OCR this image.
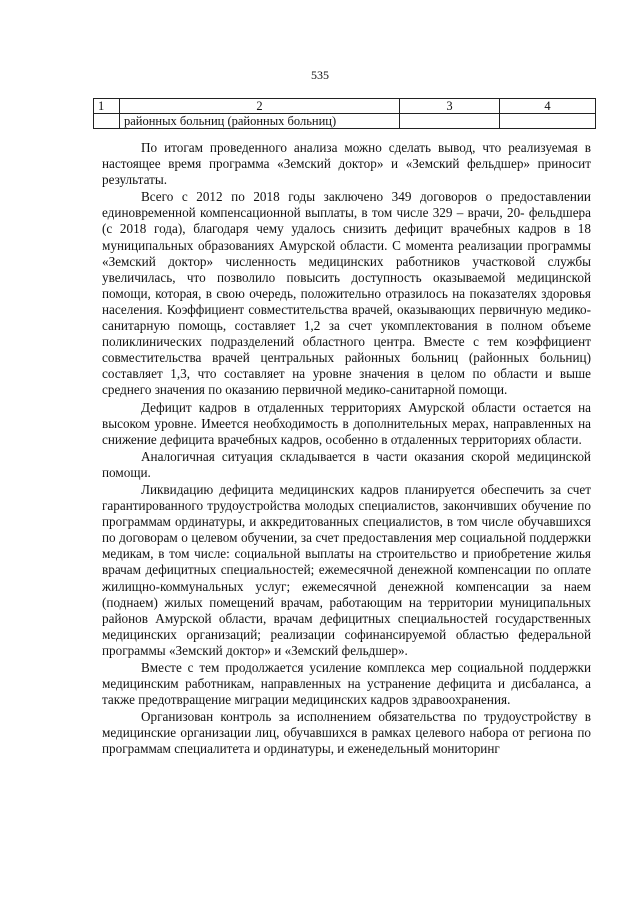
535
1	2	3	4
	районных больниц (районных больниц)		

По итогам проведенного анализа можно сделать вывод, что реализуемая в настоящее время программа «Земский доктор» и «Земский фельдшер» приносит результаты.

Всего с 2012 по 2018 годы заключено 349 договоров о предоставлении единовременной компенсационной выплаты, в том числе 329 – врачи, 20- фельдшера (с 2018 года), благодаря чему удалось снизить дефицит врачебных кадров в 18 муниципальных образованиях Амурской области. С момента реализации программы «Земский доктор» численность медицинских работников участковой службы увеличилась, что позволило повысить доступность оказываемой медицинской помощи, которая, в свою очередь, положительно отразилось на показателях здоровья населения. Коэффициент совместительства врачей, оказывающих первичную медико-санитарную помощь, составляет 1,2 за счет укомплектования в полном объеме поликлинических подразделений областного центра. Вместе с тем коэффициент совместительства врачей центральных районных больниц (районных больниц) составляет 1,3, что составляет на уровне значения в целом по области и выше среднего значения по оказанию первичной медико-санитарной помощи.

Дефицит кадров в отдаленных территориях Амурской области остается на высоком уровне. Имеется необходимость в дополнительных мерах, направленных на снижение дефицита врачебных кадров, особенно в отдаленных территориях области.

Аналогичная ситуация складывается в части оказания скорой медицинской помощи.

Ликвидацию дефицита медицинских кадров планируется обеспечить за счет гарантированного трудоустройства молодых специалистов, закончивших обучение по программам ординатуры, и аккредитованных специалистов, в том числе обучавшихся по договорам о целевом обучении, за счет предоставления мер социальной поддержки медикам, в том числе: социальной выплаты на строительство и приобретение жилья врачам дефицитных специальностей; ежемесячной денежной компенсации по оплате жилищно-коммунальных услуг; ежемесячной денежной компенсации за наем (поднаем) жилых помещений врачам, работающим на территории муниципальных районов Амурской области, врачам дефицитных специальностей государственных медицинских организаций; реализации софинансируемой областью федеральной программы «Земский доктор» и «Земский фельдшер».

Вместе с тем продолжается усиление комплекса мер социальной поддержки медицинским работникам, направленных на устранение дефицита и дисбаланса, а также предотвращение миграции медицинских кадров здравоохранения.

Организован контроль за исполнением обязательства по трудоустройству в медицинские организации лиц, обучавшихся в рамках целевого набора от региона по программам специалитета и ординатуры, и еженедельный мониторинг
